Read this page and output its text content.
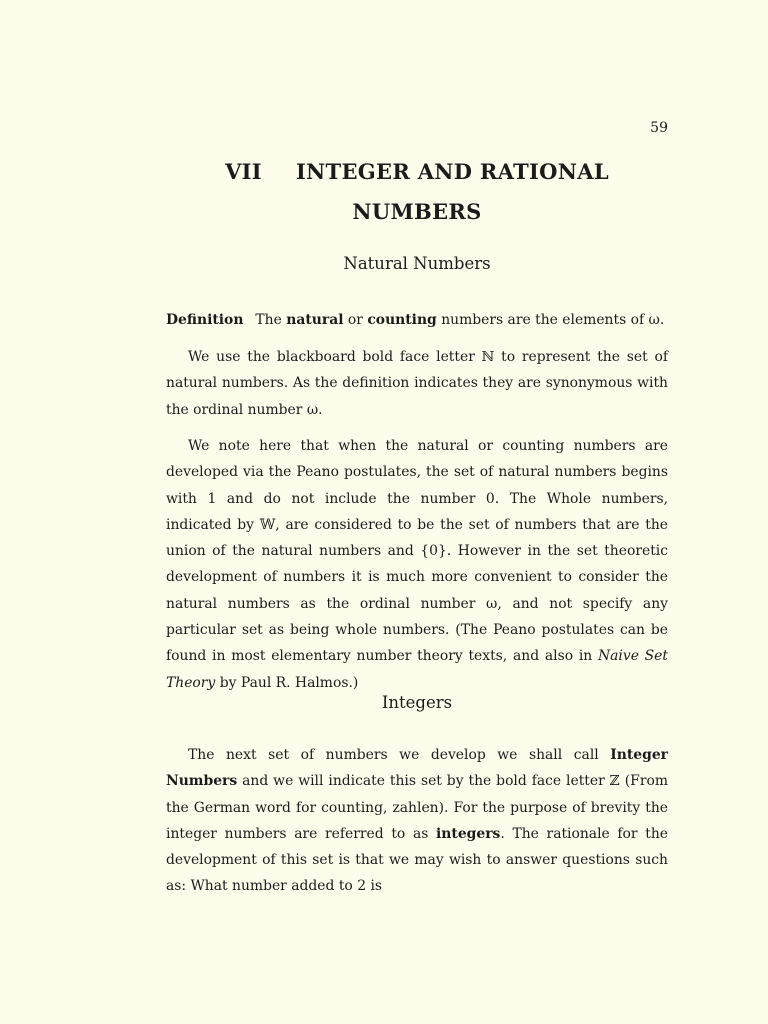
59
VII INTEGER AND RATIONAL NUMBERS
Natural Numbers

Definition The natural or counting numbers are the elements of ω.

We use the blackboard bold face letter ℕ to represent the set of natural numbers. As the definition indicates they are synonymous with the ordinal number ω.

We note here that when the natural or counting numbers are developed via the Peano postulates, the set of natural numbers begins with 1 and do not include the number 0. The Whole numbers, indicated by 𝕎, are considered to be the set of numbers that are the union of the natural numbers and {0}. However in the set theoretic development of numbers it is much more convenient to consider the natural numbers as the ordinal number ω, and not specify any particular set as being whole numbers. (The Peano postulates can be found in most elementary number theory texts, and also in Naive Set Theory by Paul R. Halmos.)

Integers

The next set of numbers we develop we shall call Integer Numbers and we will indicate this set by the bold face letter ℤ (From the German word for counting, zahlen). For the purpose of brevity the integer numbers are referred to as integers. The rationale for the development of this set is that we may wish to answer questions such as: What number added to 2 is
